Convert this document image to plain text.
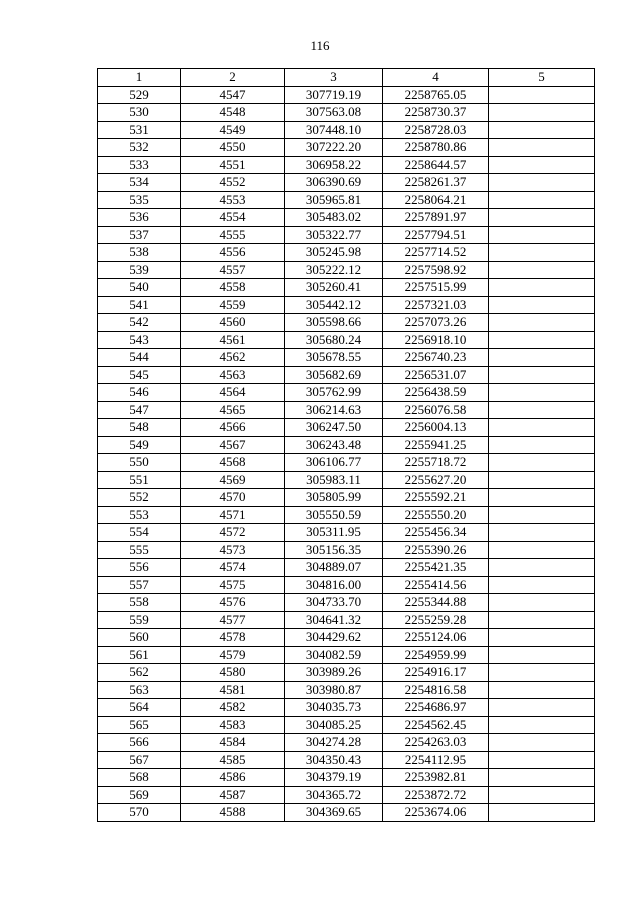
116
1	2	3	4	5
529	4547	307719.19	2258765.05	
530	4548	307563.08	2258730.37	
531	4549	307448.10	2258728.03	
532	4550	307222.20	2258780.86	
533	4551	306958.22	2258644.57	
534	4552	306390.69	2258261.37	
535	4553	305965.81	2258064.21	
536	4554	305483.02	2257891.97	
537	4555	305322.77	2257794.51	
538	4556	305245.98	2257714.52	
539	4557	305222.12	2257598.92	
540	4558	305260.41	2257515.99	
541	4559	305442.12	2257321.03	
542	4560	305598.66	2257073.26	
543	4561	305680.24	2256918.10	
544	4562	305678.55	2256740.23	
545	4563	305682.69	2256531.07	
546	4564	305762.99	2256438.59	
547	4565	306214.63	2256076.58	
548	4566	306247.50	2256004.13	
549	4567	306243.48	2255941.25	
550	4568	306106.77	2255718.72	
551	4569	305983.11	2255627.20	
552	4570	305805.99	2255592.21	
553	4571	305550.59	2255550.20	
554	4572	305311.95	2255456.34	
555	4573	305156.35	2255390.26	
556	4574	304889.07	2255421.35	
557	4575	304816.00	2255414.56	
558	4576	304733.70	2255344.88	
559	4577	304641.32	2255259.28	
560	4578	304429.62	2255124.06	
561	4579	304082.59	2254959.99	
562	4580	303989.26	2254916.17	
563	4581	303980.87	2254816.58	
564	4582	304035.73	2254686.97	
565	4583	304085.25	2254562.45	
566	4584	304274.28	2254263.03	
567	4585	304350.43	2254112.95	
568	4586	304379.19	2253982.81	
569	4587	304365.72	2253872.72	
570	4588	304369.65	2253674.06	
